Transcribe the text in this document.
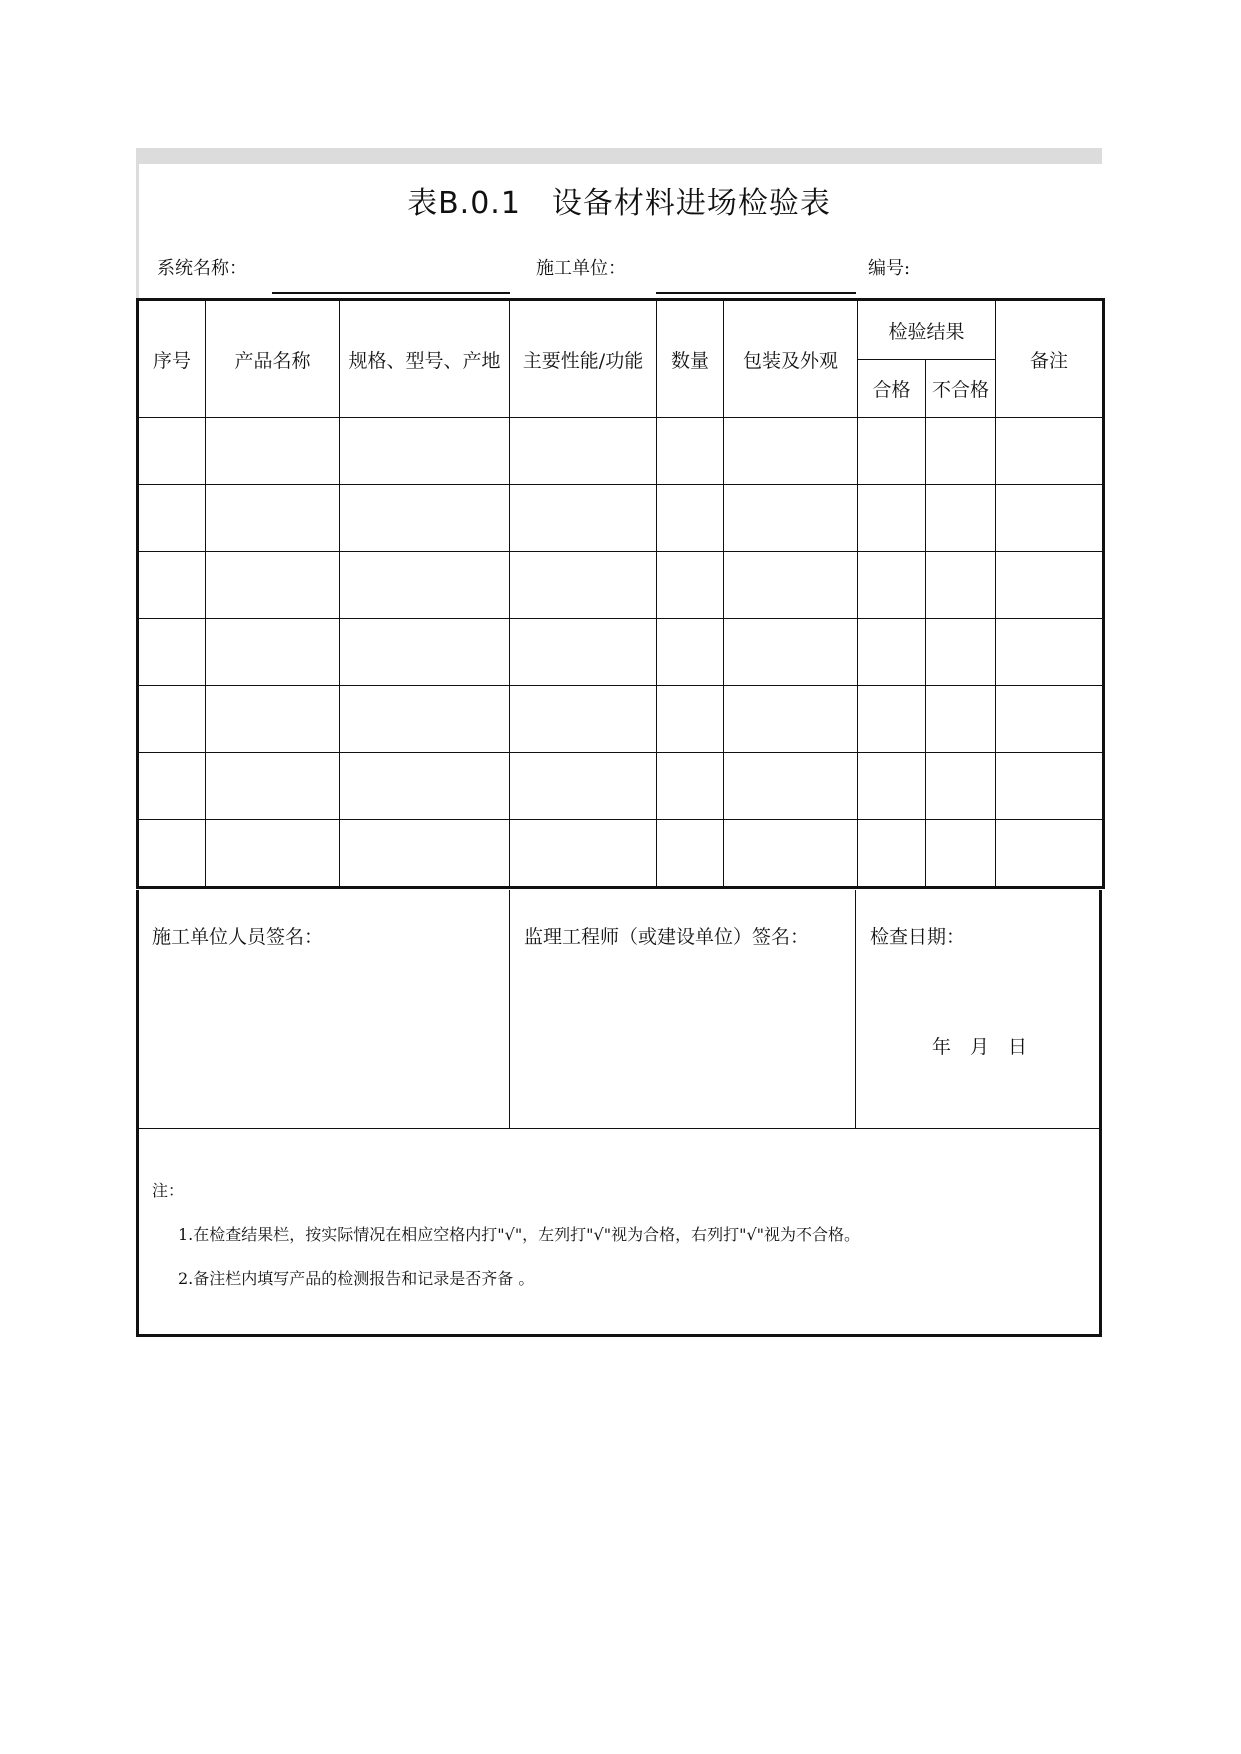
表B.0.1　设备材料进场检验表
系统名称：	施工单位：	编号:
序号	产品名称	规格、型号、产地	主要性能/功能	数量	包装及外观	检验结果		备注
						合格	不合格	

施工单位人员签名：	监理工程师（或建设单位）签名：	检查日期：
年　月　日
注：
1.在检查结果栏，按实际情况在相应空格内打"√"，左列打"√"视为合格，右列打"√"视为不合格。
2.备注栏内填写产品的检测报告和记录是否齐备 。
